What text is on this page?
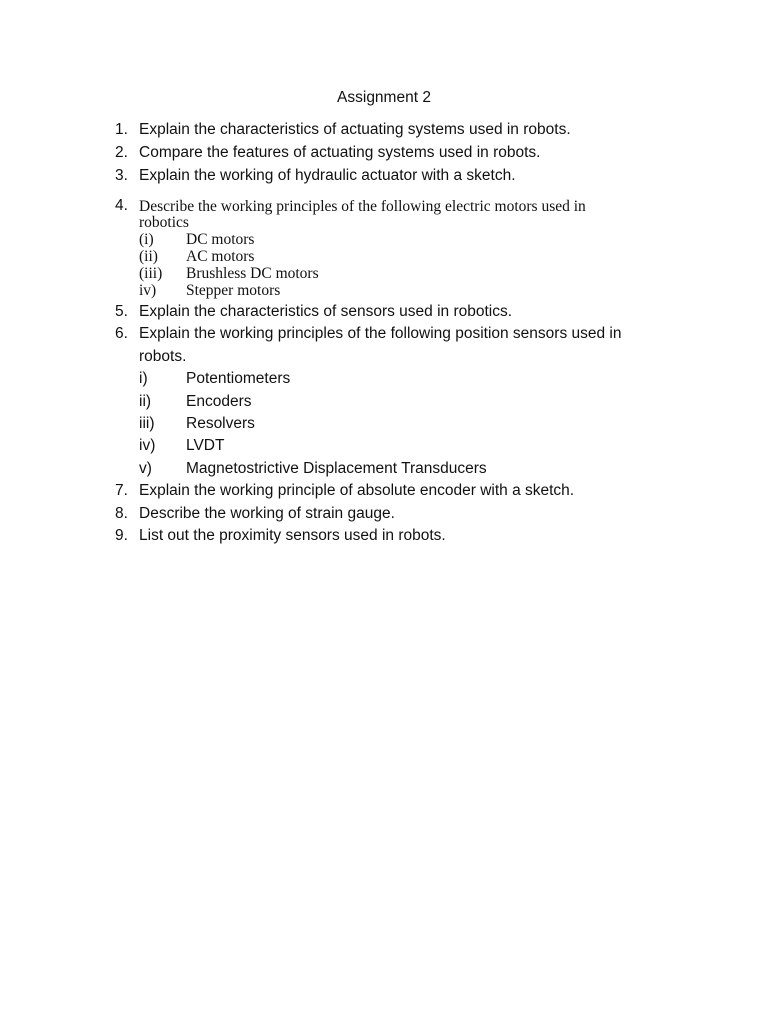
Assignment 2
1. Explain the characteristics of actuating systems used in robots.
2. Compare the features of actuating systems used in robots.
3. Explain the working of hydraulic actuator with a sketch.
4. Describe the working principles of the following electric motors used in
robotics
(i) DC motors
(ii) AC motors
(iii) Brushless DC motors
iv) Stepper motors
5. Explain the characteristics of sensors used in robotics.
6. Explain the working principles of the following position sensors used in
robots.
i) Potentiometers
ii) Encoders
iii) Resolvers
iv) LVDT
v) Magnetostrictive Displacement Transducers
7. Explain the working principle of absolute encoder with a sketch.
8. Describe the working of strain gauge.
9. List out the proximity sensors used in robots.
